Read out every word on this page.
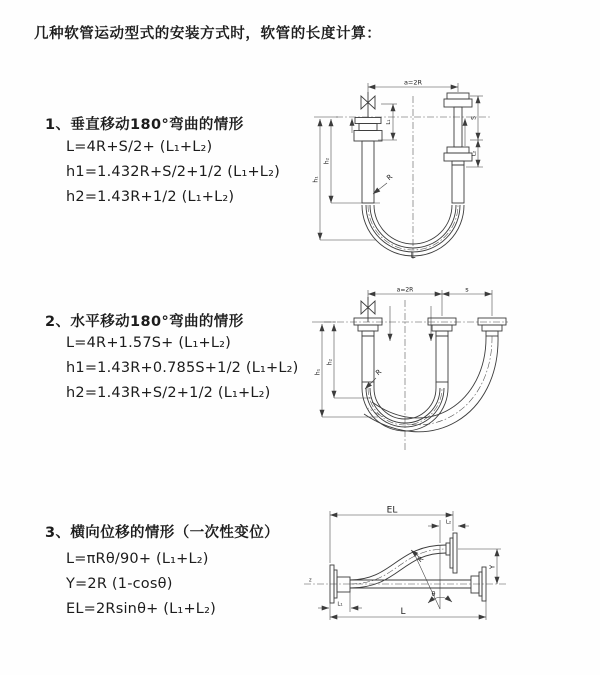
几种软管运动型式的安装方式时，软管的长度计算：
1、垂直移动180°弯曲的情形
L=4R+S/2+ (L₁+L₂)
h1=1.432R+S/2+1/2 (L₁+L₂)
h2=1.43R+1/2 (L₁+L₂)
2、水平移动180°弯曲的情形
L=4R+1.57S+ (L₁+L₂)
h1=1.43R+0.785S+1/2 (L₁+L₂)
h2=1.43R+S/2+1/2 (L₁+L₂)
3、横向位移的情形（一次性变位）
L=πRθ/90+ (L₁+L₂)
Y=2R (1-cosθ)
EL=2Rsinθ+ (L₁+L₂)
a=2R
L₁
S
L₂
h₂
h₁	R
L
a=2R	s
h₁
h₂
R
EL
L₂
Y
θ
R
L
L₁
z
